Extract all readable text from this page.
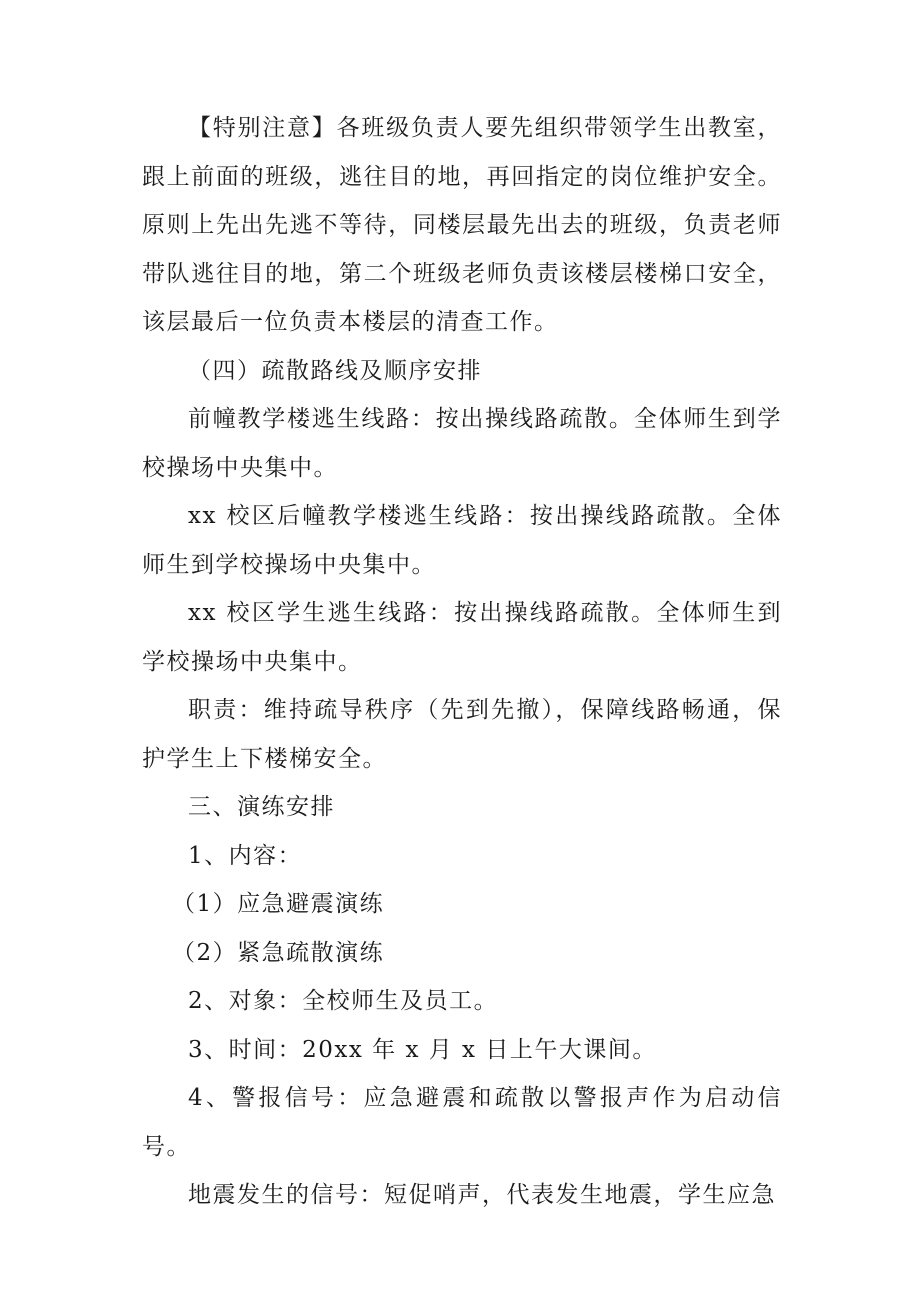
【特别注意】各班级负责人要先组织带领学生出教室，跟上前面的班级，逃往目的地，再回指定的岗位维护安全。原则上先出先逃不等待，同楼层最先出去的班级，负责老师带队逃往目的地，第二个班级老师负责该楼层楼梯口安全，该层最后一位负责本楼层的清查工作。

（四）疏散路线及顺序安排

前幢教学楼逃生线路：按出操线路疏散。全体师生到学校操场中央集中。

xx 校区后幢教学楼逃生线路：按出操线路疏散。全体师生到学校操场中央集中。

xx 校区学生逃生线路：按出操线路疏散。全体师生到学校操场中央集中。

职责：维持疏导秩序（先到先撤），保障线路畅通，保护学生上下楼梯安全。

三、演练安排

1、内容：

（1）应急避震演练

（2）紧急疏散演练

2、对象：全校师生及员工。

3、时间：20xx 年 x 月 x 日上午大课间。

4、警报信号：应急避震和疏散以警报声作为启动信号。

地震发生的信号：短促哨声，代表发生地震，学生应急
